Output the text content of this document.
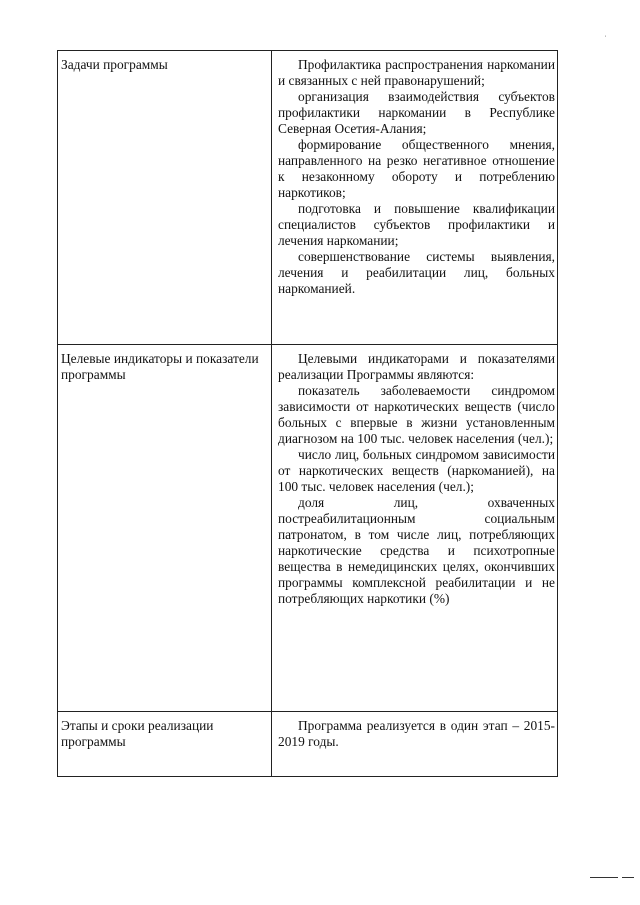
'
Задачи программы	Профилактика распространения наркомании и связанных с ней правонарушений;

организация взаимодействия субъектов профилактики наркомании в Республике Северная Осетия-Алания;

формирование общественного мнения, направленного на резко негативное отношение к незаконному обороту и потреблению наркотиков;

подготовка и повышение квалификации специалистов субъектов профилактики и лечения наркомании;

совершенствование системы выявления, лечения и реабилитации лиц, больных наркоманией.

Целевые индикаторы и показатели программы	Целевыми индикаторами и показателями реализации Программы являются:

показатель заболеваемости синдромом зависимости от наркотических веществ (число больных с впервые в жизни установленным диагнозом на 100 тыс. человек населения (чел.);

число лиц, больных синдромом зависимости от наркотических веществ (наркоманией), на 100 тыс. человек населения (чел.);

доля лиц, охваченных постреабилитационным социальным патронатом, в том числе лиц, потребляющих наркотические средства и психотропные вещества в немедицинских целях, окончивших программы комплексной реабилитации и не потребляющих наркотики (%)

Этапы и сроки реализации программы	Программа реализуется в один этап – 2015-2019 годы.
